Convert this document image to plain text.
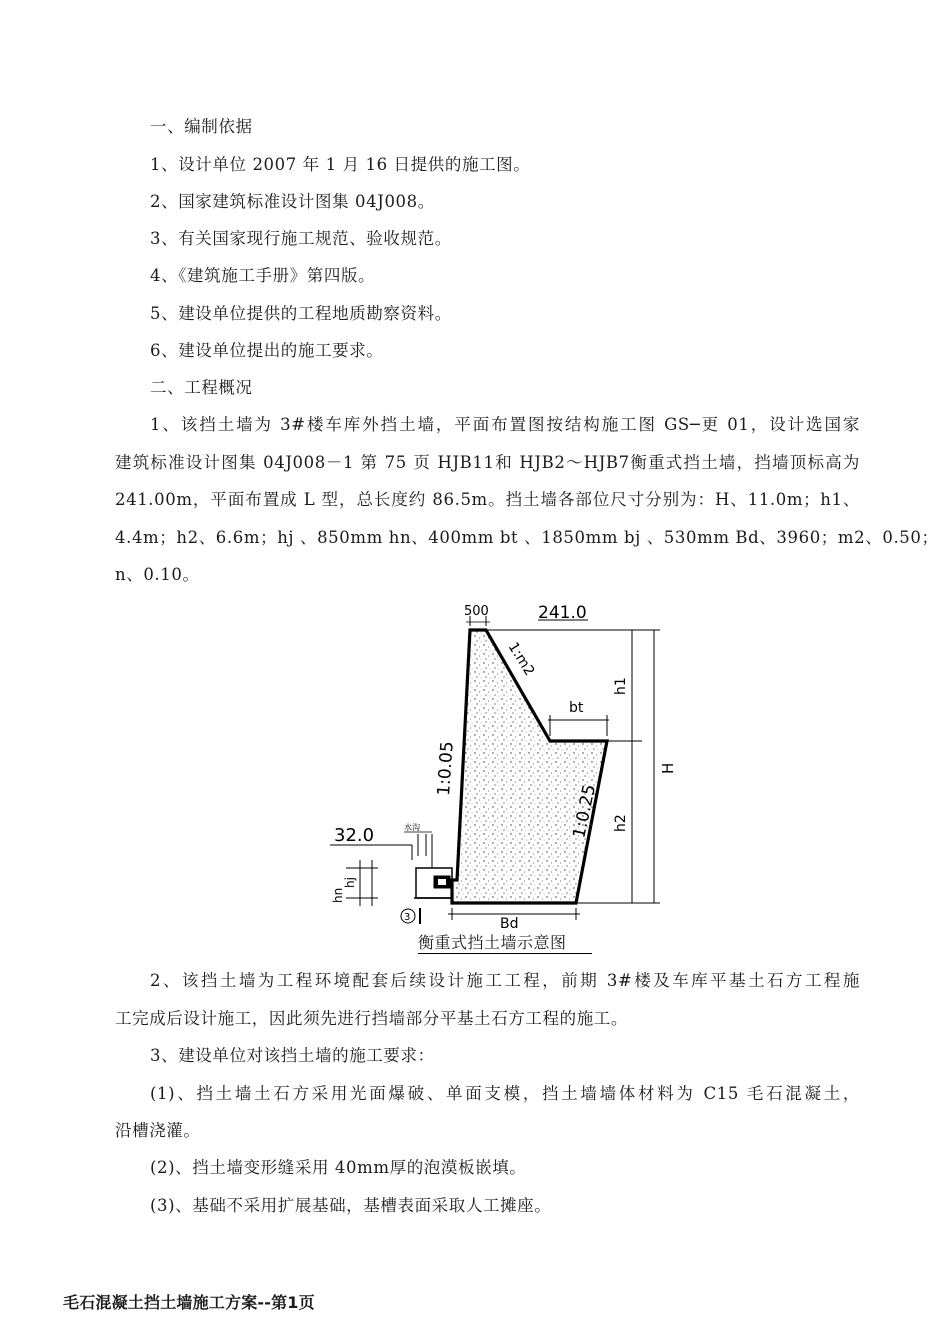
一、编制依据
1、设计单位 2007 年 1 月 16 日提供的施工图。
2、国家建筑标准设计图集 04J008。
3、有关国家现行施工规范、验收规范。
4、《建筑施工手册》第四版。
5、建设单位提供的工程地质勘察资料。
6、建设单位提出的施工要求。
二、工程概况
1、该挡土墙为 3#楼车库外挡土墙，平面布置图按结构施工图 GS─更 01，设计选国家
建筑标准设计图集 04J008－1 第 75 页 HJB11和 HJB2～HJB7衡重式挡土墙，挡墙顶标高为
241.00m，平面布置成 L 型，总长度约 86.5m。挡土墙各部位尺寸分别为：H、11.0m；h1、
4.4m；h2、6.6m；hj 、850mm hn、400mm bt 、1850mm bj 、530mm Bd、3960；m2、0.50；
n、0.10。
241.0
500
1:m2
1:0.05
1:0.25
bt
h1
h2
H
Bd
32.0	水沟
hn
hj
3
衡重式挡土墙示意图
2、该挡土墙为工程环境配套后续设计施工工程，前期 3#楼及车库平基土石方工程施
工完成后设计施工，因此须先进行挡墙部分平基土石方工程的施工。
3、建设单位对该挡土墙的施工要求：
(1)、挡土墙土石方采用光面爆破、单面支模，挡土墙墙体材料为 C15 毛石混凝土，
沿槽浇灌。
(2)、挡土墙变形缝采用 40mm厚的泡漠板嵌填。
(3)、基础不采用扩展基础，基槽表面采取人工摊座。
毛石混凝土挡土墙施工方案--第1页
